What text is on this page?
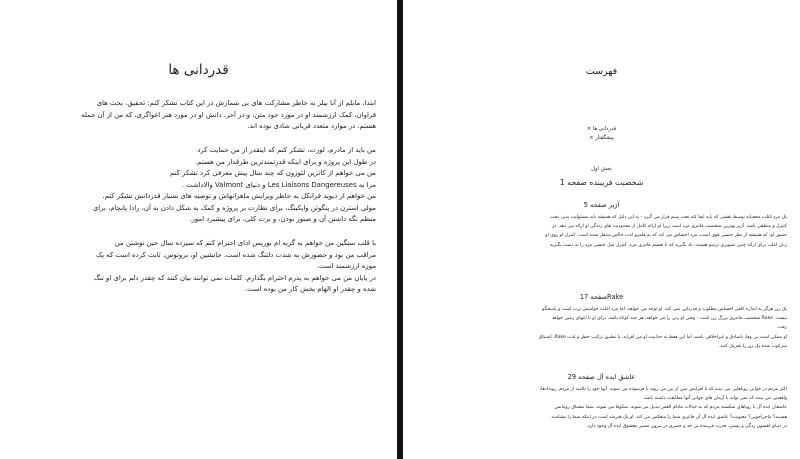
قدردانی ها

ابتدا، مایلم از آنا بیلر به خاطر مشارکت های بی شمارش در این کتاب تشکر کنم: تحقیق، بحث های

فراوان، کمک ارزشمند او در مورد خود متن، و در آخر، دانش او در مورد هنر اغواگری، که من از آن جمله

هستم. در موارد متعدد قربانی شادی بوده اند.

من باید از مادرم، لورت، تشکر کنم که اینقدر از من حمایت کرد

در طول این پروژه و برای اینکه قدرتمندترین طرفدار من هستم.

من می خواهم از کاترین لئوزون که چند سال پیش معرفی کرد تشکر کنم

مرا به Les Liaisons Dangereuses و دنیای Valmont والاداشت .

من خواهم از دیوید فرانکل به خاطر ویرایش ماهرانهاش و توصیه های بسیار قدردانش تشکر کنم.

مولی استرن در پنگوئن وایکینگ، برای نظارت بر پروژه و کمک به شکل دادن به آن، رادا پانچام، برای

منظم نگه داشتن آن و صبور بودن، و برت کلی، برای پیشبرد امور.

با قلب سنگین من خواهم به گربه ام بوریس ادای احترام کنم که سیزده سال حین نوشتن من

مراقب من بود و حضورش به شدت دلتنگ شده است. جانشین او، بروتوس، ثابت کرده است که یک

موزه ارزشمند است.

در پایان من می خواهم به پدرم احترام بگذارم. کلمات نمی توانند بیان کنند که چقدر دلم برای او تنگ

شده و چقدر او الهام بخش کار من بوده است.

فهرست
قدردانی ها ×
پیشگفتار ×
بخش اول
شخصیت فریبنده صفحه 1
آژیر صفحه 5

یک مرد اغلب مخفیانه توسط نقشی که باید ایفا کند تحت ستم قرار می گیرد - به این دلیل که همیشه باید مسئولیت پذیر، تحت

کنترل و منطقی باشد. آژیر بهترین شخصیت فانتزی مرد است زیرا او ارائه کامل از محدودیت های زندگی او ارائه می دهد. در

حضور او، که همیشه از نظر جنسی قوی است، مرد احساس می کند که به قلمرو لذت خالص منتقل شده است. کنترل او روی او

زنان اغلب برای ارائه چنین تصویری ترسو هستند، یاد بگیرید که با تجسم فانتزی مرد، کنترل میل جنسی مرد را به دست بگیرید.

Rakeصفحه 17

یک زن هرگز به اندازه کافی احساس مطلوب و قدردانی نمی کند. او توجه می خواهد، اما مرد اغلب حواسش پرت است و پاسخگو

نیست. Rake شخصیت فانتزی بزرگ زن است - وقتی او زنی را می خواهد، هر چند کوتاه باشد، برای او تا انتهای زمین خواهد

رفت.

او ممکن است بی وفا، ناصادق و غیراخلاقی باشد، اما این فقط به جذابیت او می افزاید. با تطبیق ترکیب خطر و لذت Rake، اشتیاق

سرکوب شده یک زن را تحریک کنید.

عاشق ایده آل صفحه 29

اکثر مردم در جوانی رویاهایی می بینند که با افزایش سن از بین می روند یا فرسوده می شوند. آنها خود را ناامید از مردم، رویدادها،

واقعیتی می بینند که نمی تواند با آرمان های جوانی آنها مطابقت داشته باشد.

عاشقان ایده آل با رویاهای شکسته مردم که به خیالات مادام العمر تبدیل می شوند، شکوفا می شوند. شما مشتاق رومانس

هستید؟ ماجراجویی؟ معنویت؟ عاشق ایده آل آن فانتزی شما را منعکس می کند. او یک هنرمند است در اینکه شما را بشناسد.

در دنیای افسون زدگی و پستی، قدرت فریبنده بی حد و حصری در بیرون مسیر معشوق ایده آل وجود دارد.
